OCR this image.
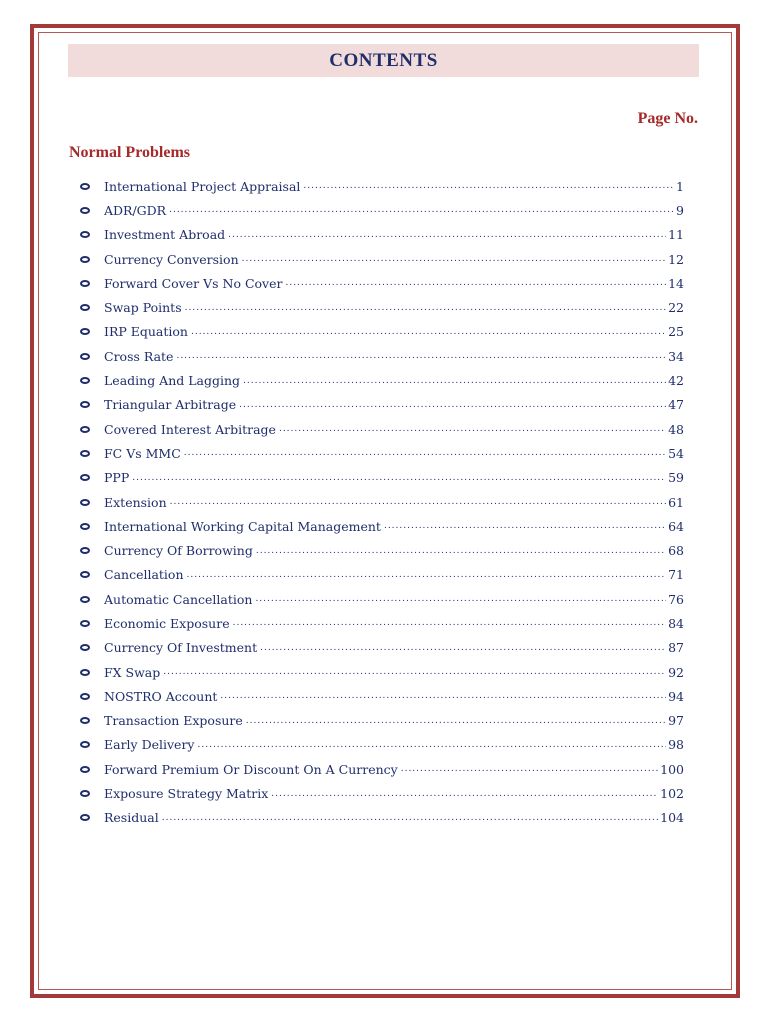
CONTENTS
Page No.
Normal Problems
International Project Appraisal .....	1
ADR/GDR .....	9
Investment Abroad .....	11
Currency Conversion .....	12
Forward Cover Vs No Cover .....	14
Swap Points .....	22
IRP Equation .....	25
Cross Rate .....	34
Leading And Lagging .....	42
Triangular Arbitrage .....	47
Covered Interest Arbitrage .....	48
FC Vs MMC .....	54
PPP .....	59
Extension .....	61
International Working Capital Management .....	64
Currency Of Borrowing .....	68
Cancellation .....	71
Automatic Cancellation .....	76
Economic Exposure .....	84
Currency Of Investment .....	87
FX Swap .....	92
NOSTRO Account .....	94
Transaction Exposure .....	97
Early Delivery .....	98
Forward Premium Or Discount On A Currency .....	100
Exposure Strategy Matrix .....	102
Residual .....	104
